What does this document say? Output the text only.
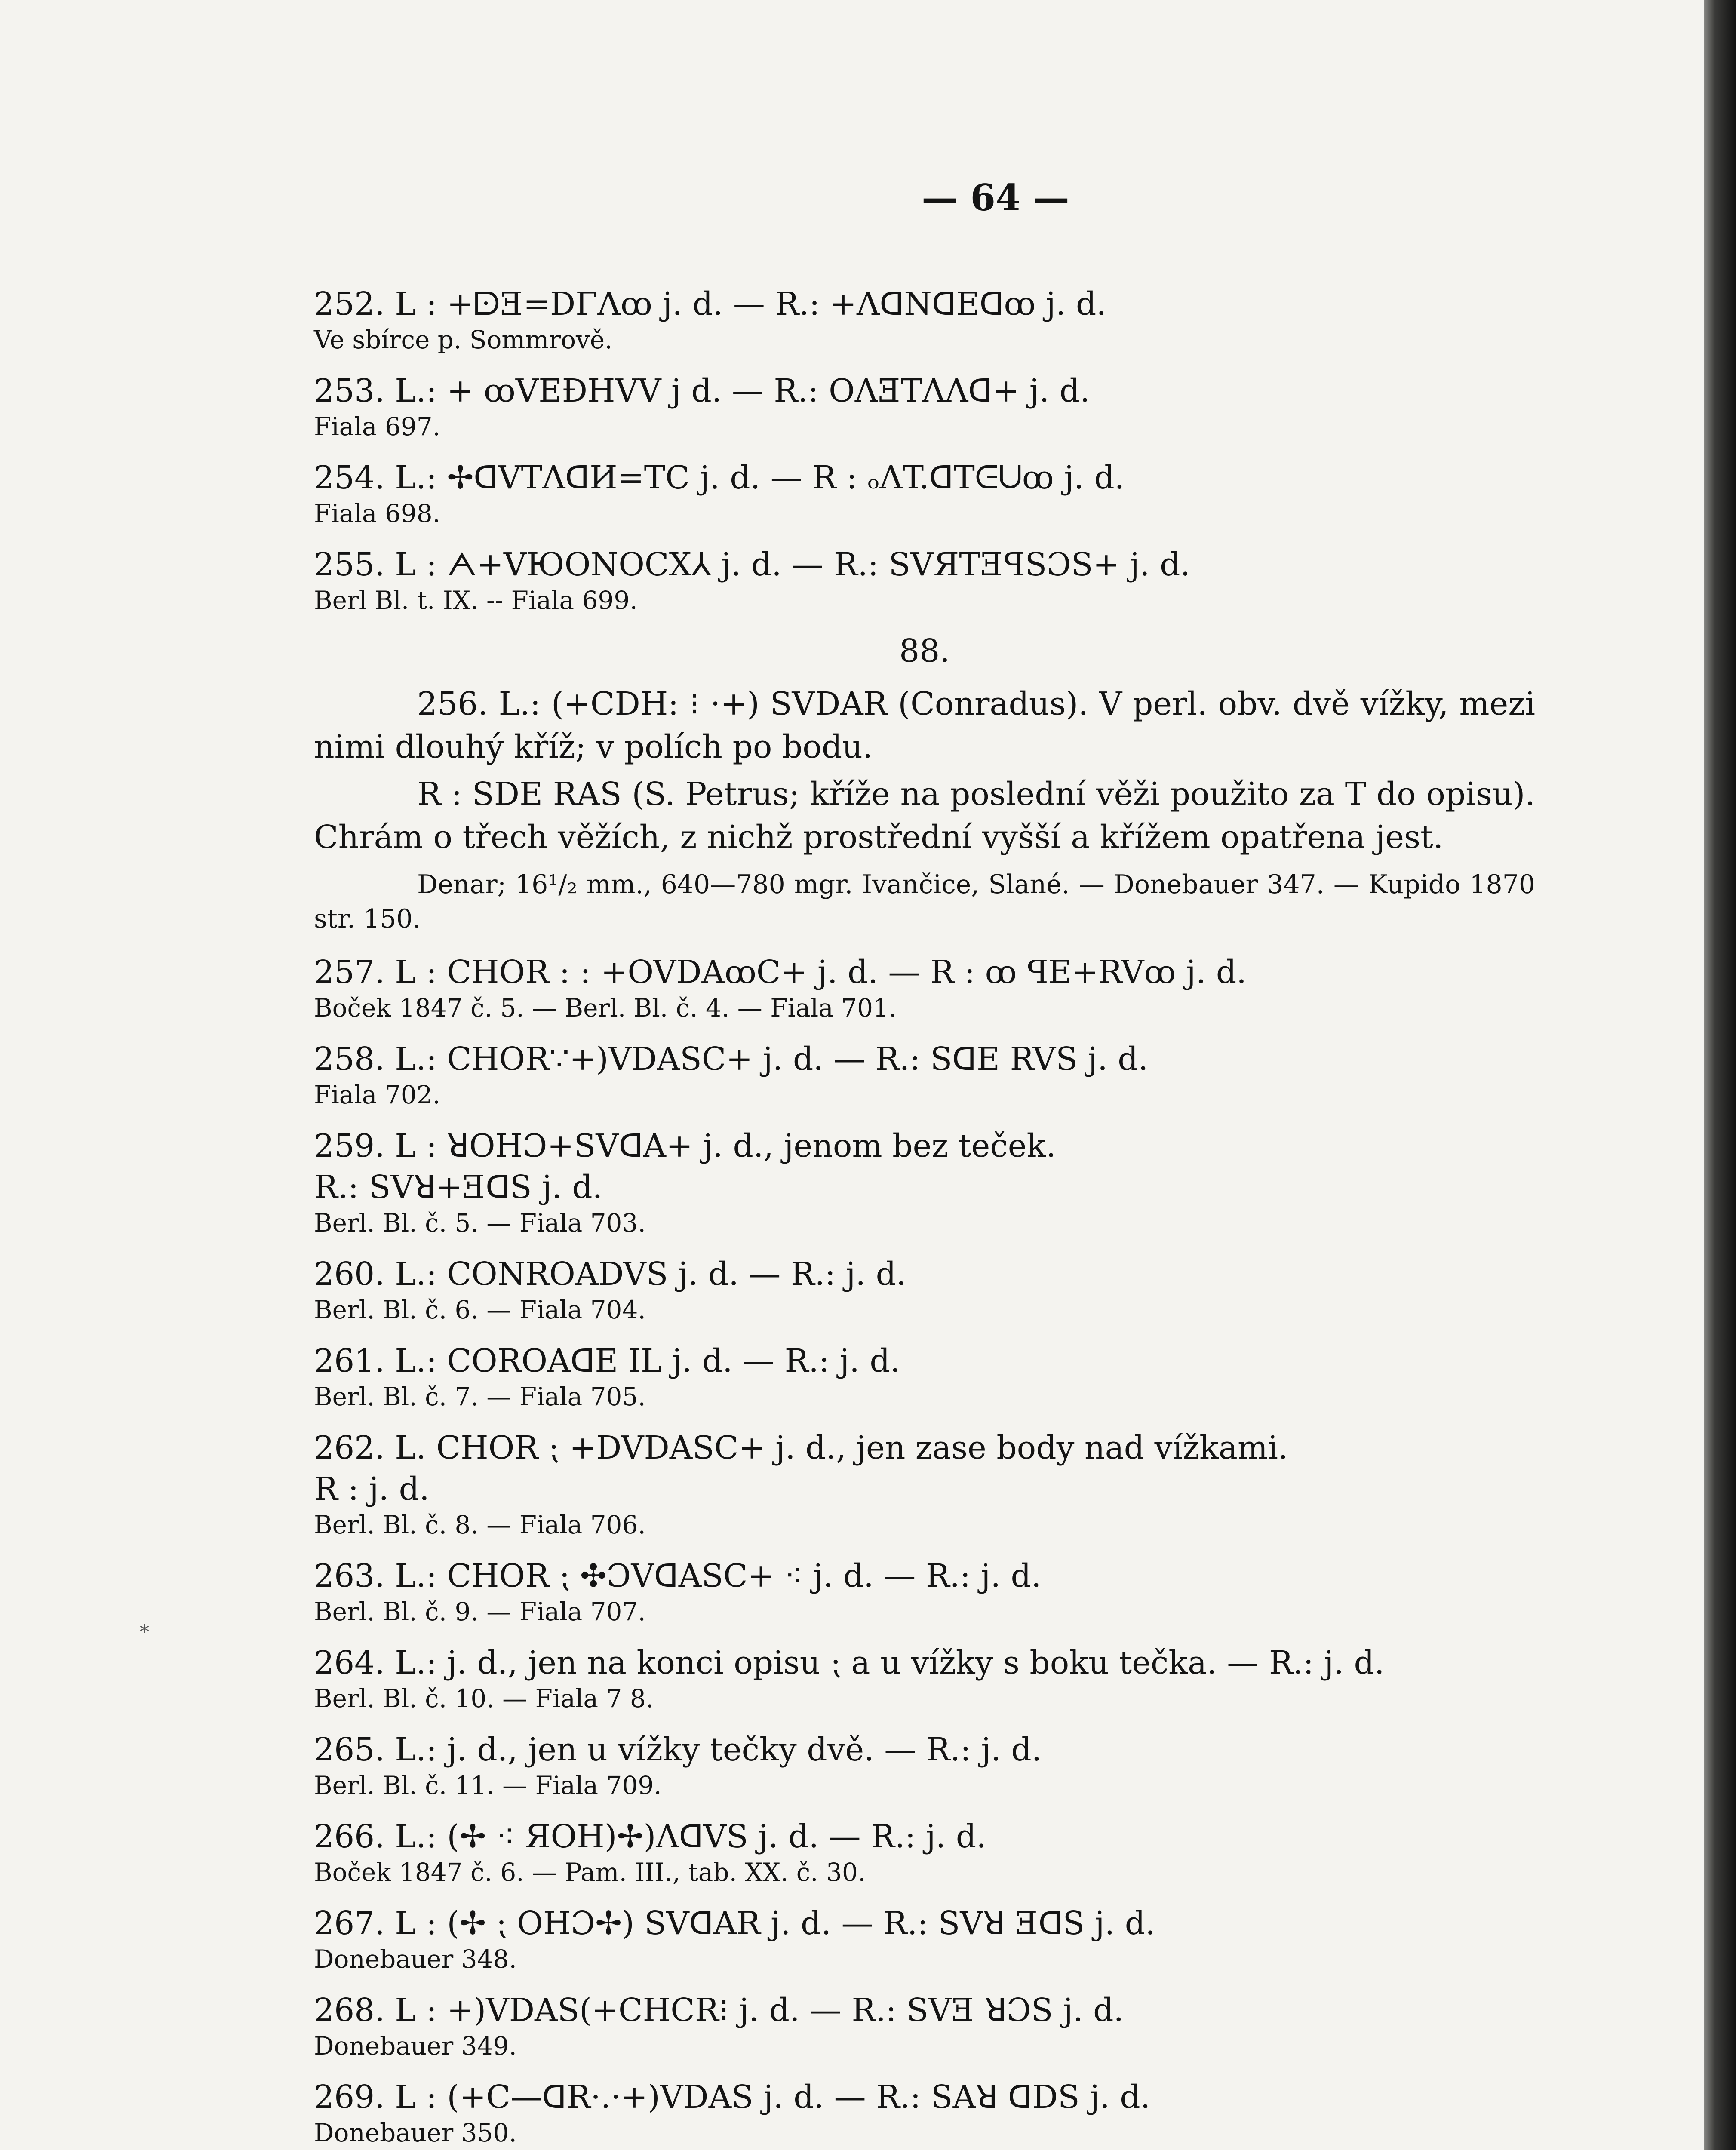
*
— 64 —

252. L : +ᗠƎ=DΓΛꝏ j. d. — R.: +ΛᗡNᗡEᗡꝏ j. d.

Ve sbírce p. Sommrově.

253. L.: + ꝏVEƉHVV j d. — R.: OΛƎTΛΛᗡ+ j. d.

Fiala 697.

254. L.: ✢ᗡVTΛᗡИ=TC j. d. — R : ₒΛT.ᗡTᕮᑌꝏ j. d.

Fiala 698.

255. L : ᗅ+VЮONOCX⅄ j. d. — R.: SVЯTƎꟼSƆS+ j. d.

Berl Bl. t. IX. -- Fiala 699.

88.

256. L.: (+CDH: ⁝ ·+) SVDAR (Conradus). V perl. obv. dvě vížky, mezi nimi dlouhý kříž; v polích po bodu.

R : SDE RAS (S. Petrus; kříže na poslední věži použito za T do opisu). Chrám o třech věžích, z nichž prostřední vyšší a křížem opatřena jest.

Denar; 16¹/₂ mm., 640—780 mgr. Ivančice, Slané. — Donebauer 347. — Kupido 1870 str. 150.

257. L : CHOR : : +OVDAꝏC+ j. d. — R : ꝏ ꟼE+RVꝏ j. d.

Boček 1847 č. 5. — Berl. Bl. č. 4. — Fiala 701.

258. L.: CHOR∵+)VDASC+ j. d. — R.: SᗡE RVS j. d.

Fiala 702.

259. L : ꓤOHƆ+SVᗡA+ j. d., jenom bez teček.

R.: SVꓤ+ƎᗡS j. d.

Berl. Bl. č. 5. — Fiala 703.

260. L.: CONROADVS j. d. — R.: j. d.

Berl. Bl. č. 6. — Fiala 704.

261. L.: COROAᗡE IL j. d. — R.: j. d.

Berl. Bl. č. 7. — Fiala 705.

262. L. CHOR ⁏ +DVDASC+ j. d., jen zase body nad vížkami.

R : j. d.

Berl. Bl. č. 8. — Fiala 706.

263. L.: CHOR ⁏ ✣ƆVᗡASC+ ⁖ j. d. — R.: j. d.

Berl. Bl. č. 9. — Fiala 707.

264. L.: j. d., jen na konci opisu ⁏ a u vížky s boku tečka. — R.: j. d.

Berl. Bl. č. 10. — Fiala 7 8.

265. L.: j. d., jen u vížky tečky dvě. — R.: j. d.

Berl. Bl. č. 11. — Fiala 709.

266. L.: (✢ ⁖ ЯOH)✢)ΛᗡVS j. d. — R.: j. d.

Boček 1847 č. 6. — Pam. III., tab. XX. č. 30.

267. L : (✢ ⁏ OHƆ✢) SVᗡAR j. d. — R.: SVꓤ ƎᗡS j. d.

Donebauer 348.

268. L : +)VDAS(+CHCR⁝ j. d. — R.: SVƎ ꓤƆS j. d.

Donebauer 349.

269. L : (+C—ᗡR·.·+)VDAS j. d. — R.: SAꓤ ᗡDS j. d.

Donebauer 350.
